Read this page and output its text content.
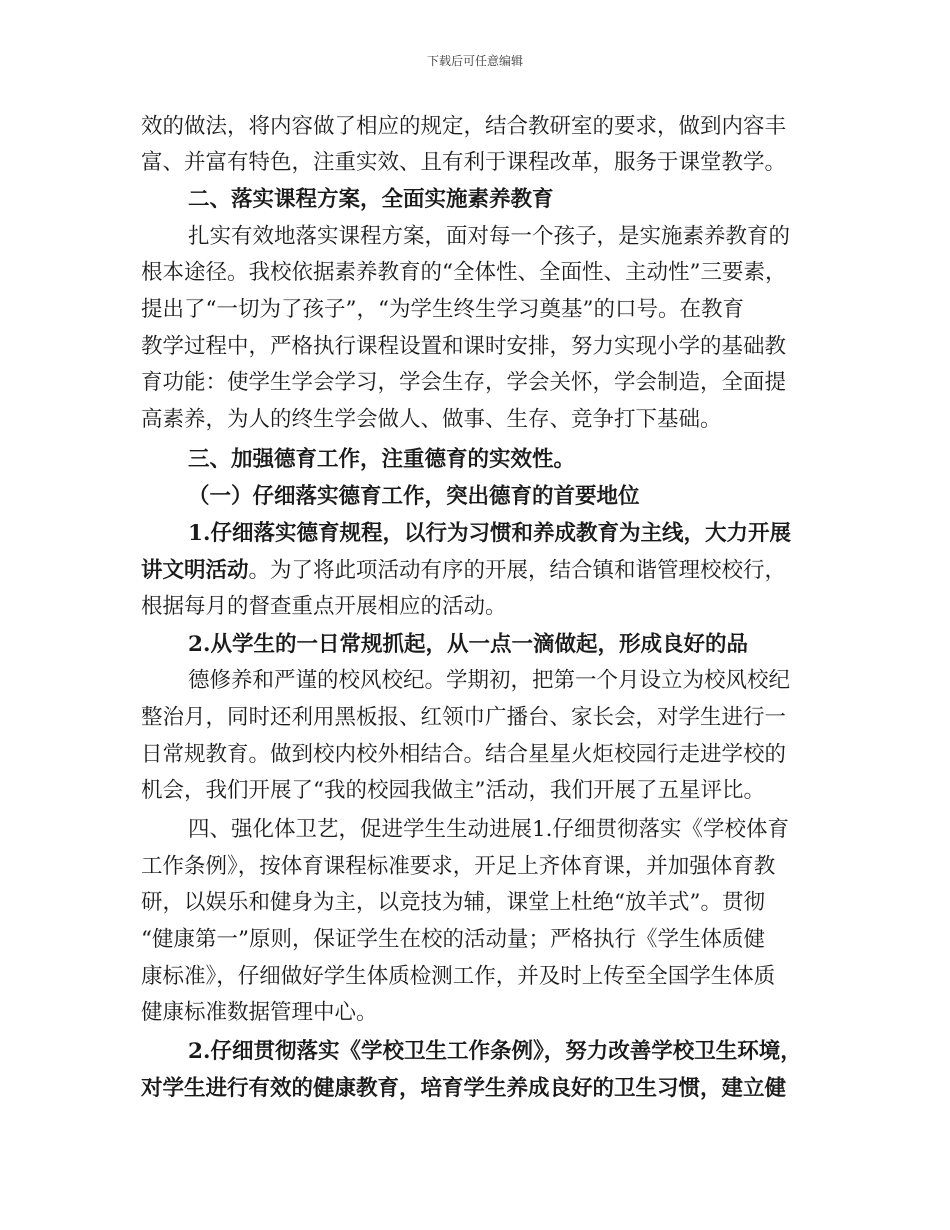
下载后可任意编辑
效的做法，将内容做了相应的规定，结合教研室的要求，做到内容丰
富、并富有特色，注重实效、且有利于课程改革，服务于课堂教学。
二、落实课程方案，全面实施素养教育
扎实有效地落实课程方案，面对每一个孩子，是实施素养教育的
根本途径。我校依据素养教育的“全体性、全面性、主动性”三要素，
提出了“一切为了孩子”，“为学生终生学习奠基”的口号。在教育
教学过程中，严格执行课程设置和课时安排，努力实现小学的基础教
育功能：使学生学会学习，学会生存，学会关怀，学会制造，全面提
高素养，为人的终生学会做人、做事、生存、竞争打下基础。
三、加强德育工作，注重德育的实效性。
（一）仔细落实德育工作，突出德育的首要地位
1.仔细落实德育规程，以行为习惯和养成教育为主线，大力开展
讲文明活动。为了将此项活动有序的开展，结合镇和谐管理校校行，
根据每月的督查重点开展相应的活动。
2.从学生的一日常规抓起，从一点一滴做起，形成良好的品
德修养和严谨的校风校纪。学期初，把第一个月设立为校风校纪
整治月，同时还利用黑板报、红领巾广播台、家长会，对学生进行一
日常规教育。做到校内校外相结合。结合星星火炬校园行走进学校的
机会，我们开展了“我的校园我做主”活动，我们开展了五星评比。
四、强化体卫艺，促进学生生动进展1.仔细贯彻落实《学校体育
工作条例》，按体育课程标准要求，开足上齐体育课，并加强体育教
研，以娱乐和健身为主，以竞技为辅，课堂上杜绝“放羊式”。贯彻
“健康第一”原则，保证学生在校的活动量；严格执行《学生体质健
康标准》，仔细做好学生体质检测工作，并及时上传至全国学生体质
健康标准数据管理中心。
2.仔细贯彻落实《学校卫生工作条例》，努力改善学校卫生环境，
对学生进行有效的健康教育，培育学生养成良好的卫生习惯，建立健
